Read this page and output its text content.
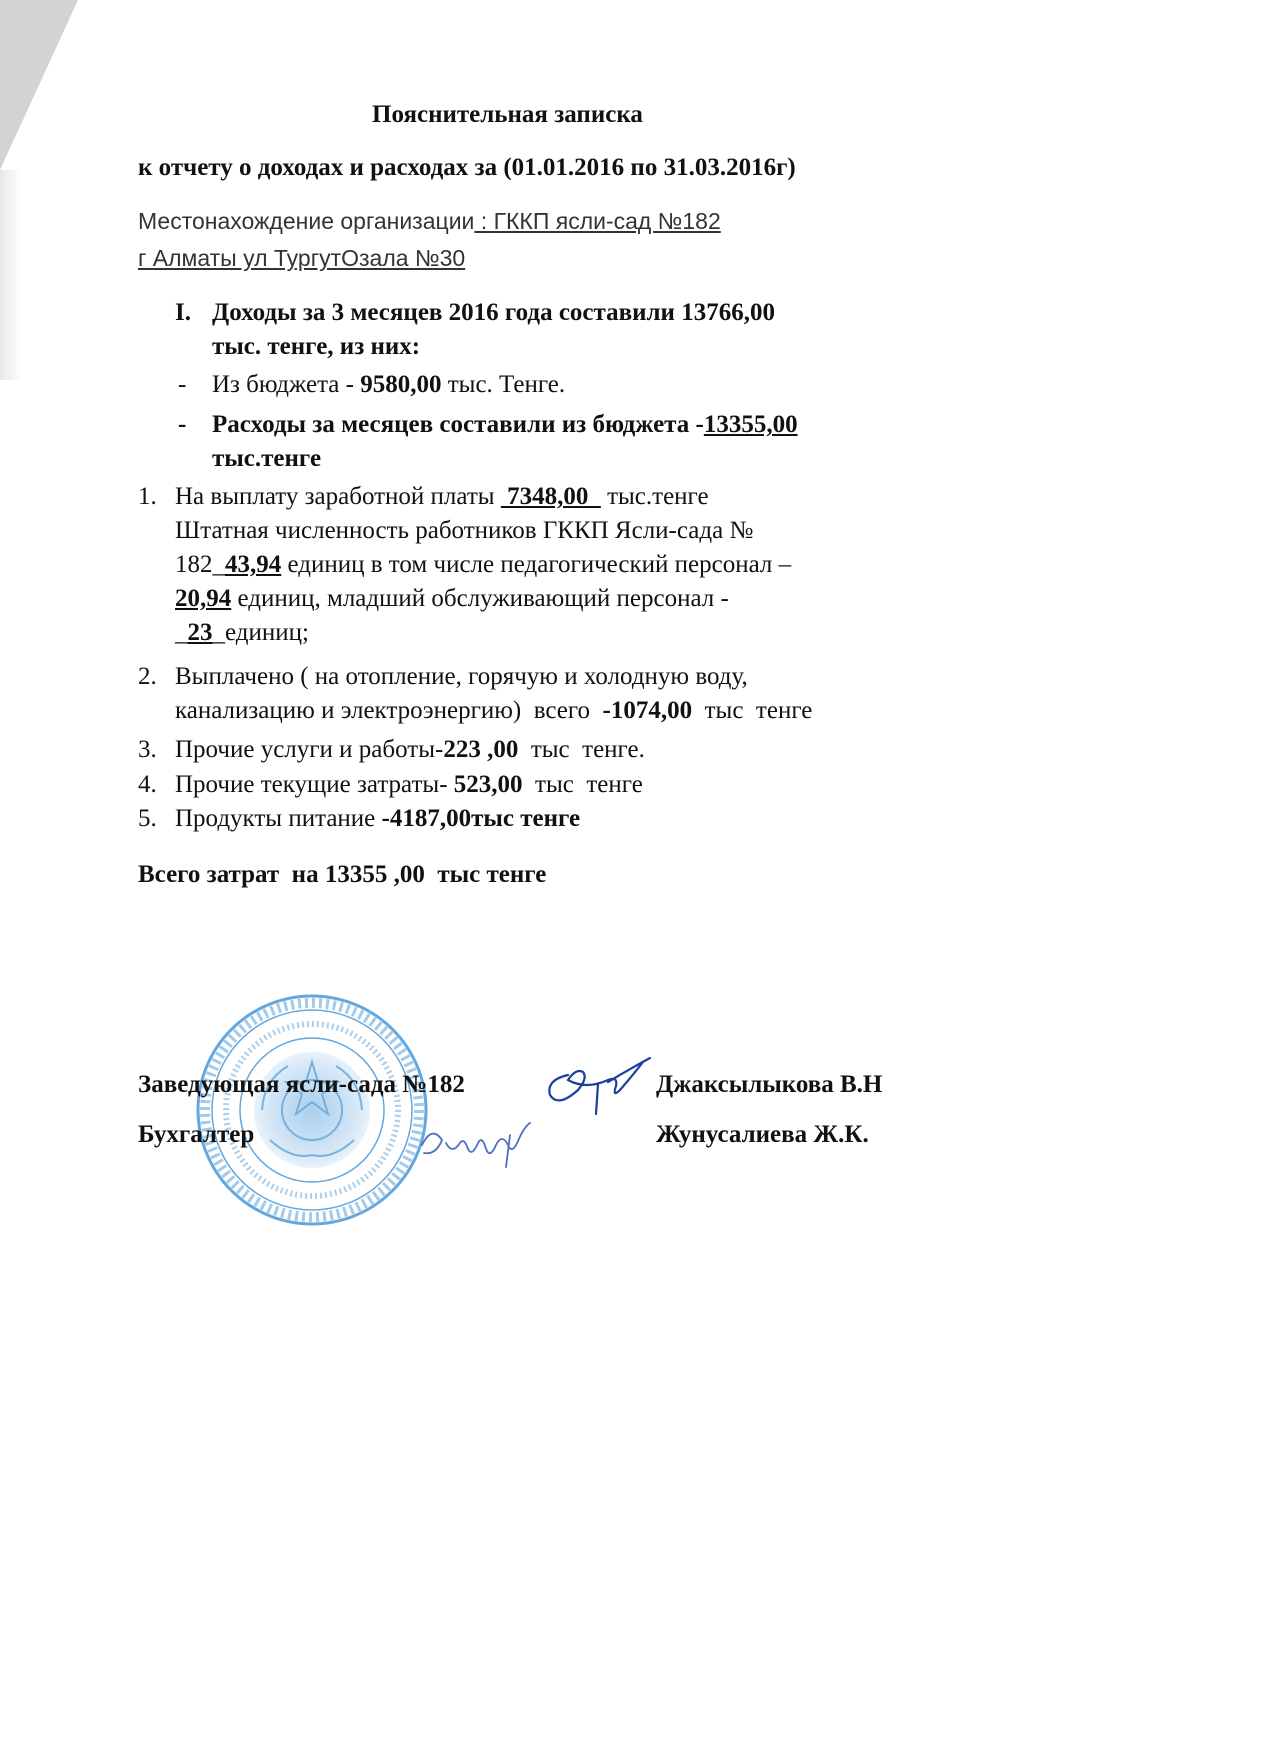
Пояснительная записка
к отчету о доходах и расходах за (01.01.2016 по 31.03.2016г)
Местонахождение организации : ГККП ясли-сад №182
г Алматы ул ТургутОзала №30
I. Доходы за 3 месяцев 2016 года составили 13766,00
тыс. тенге, из них:
- Из бюджета - 9580,00 тыс. Тенге.
- Расходы за месяцев составили из бюджета -13355,00
тыс.тенге
1. На выплату заработной платы  7348,00   тыс.тенге
Штатная численность работников ГККП Ясли-сада №
182_43,94 единиц в том числе педагогический персонал –
20,94 единиц, младший обслуживающий персонал -
_23_единиц;
2. Выплачено ( на отопление, горячую и холодную воду,
канализацию и электроэнергию)  всего  -1074,00  тыс  тенге
3. Прочие услуги и работы-223 ,00  тыс  тенге.
4. Прочие текущие затраты- 523,00  тыс  тенге
5. Продукты питание -4187,00тыс тенге
Всего затрат  на 13355 ,00  тыс тенге
Заведующая ясли-сада №182	Джаксылыкова В.Н
Бухгалтер	Жунусалиева Ж.К.
